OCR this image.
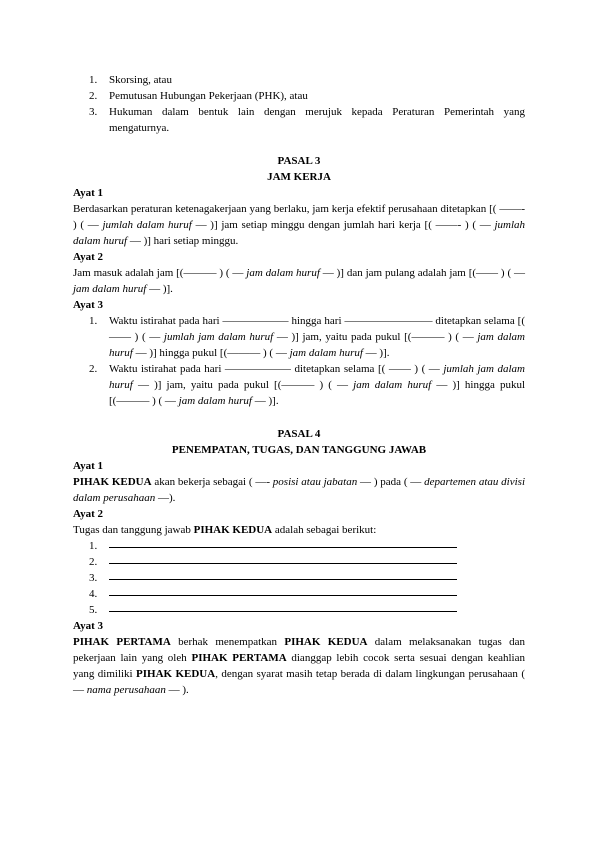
1. Skorsing, atau
2. Pemutusan Hubungan Pekerjaan (PHK), atau
3. Hukuman dalam bentuk lain dengan merujuk kepada Peraturan Pemerintah yang mengaturnya.
PASAL 3
JAM KERJA
Ayat 1
Berdasarkan peraturan ketenagakerjaan yang berlaku, jam kerja efektif perusahaan ditetapkan [( ——- ) ( — jumlah dalam huruf — )] jam setiap minggu dengan jumlah hari kerja [( ——- ) ( — jumlah dalam huruf — )] hari setiap minggu.
Ayat 2
Jam masuk adalah jam [(——— ) ( — jam dalam huruf — )] dan jam pulang adalah jam [(—— ) ( — jam dalam huruf — )].
Ayat 3
1. Waktu istirahat pada hari —————— hingga hari ———————— ditetapkan selama [( —— ) ( — jumlah jam dalam huruf — )] jam, yaitu pada pukul [(——— ) ( — jam dalam huruf — )] hingga pukul [(——— ) ( — jam dalam huruf — )].
2. Waktu istirahat pada hari —————— ditetapkan selama [( —— ) ( — jumlah jam dalam huruf — )] jam, yaitu pada pukul [(——— ) ( — jam dalam huruf — )] hingga pukul [(——— ) ( — jam dalam huruf — )].
PASAL 4
PENEMPATAN, TUGAS, DAN TANGGUNG JAWAB
Ayat 1
PIHAK KEDUA akan bekerja sebagai ( —- posisi atau jabatan — ) pada ( — departemen atau divisi dalam perusahaan —).
Ayat 2
Tugas dan tanggung jawab PIHAK KEDUA adalah sebagai berikut:
1.
2.
3.
4.
5.
Ayat 3
PIHAK PERTAMA berhak menempatkan PIHAK KEDUA dalam melaksanakan tugas dan pekerjaan lain yang oleh PIHAK PERTAMA dianggap lebih cocok serta sesuai dengan keahlian yang dimiliki PIHAK KEDUA, dengan syarat masih tetap berada di dalam lingkungan perusahaan ( — nama perusahaan — ).
